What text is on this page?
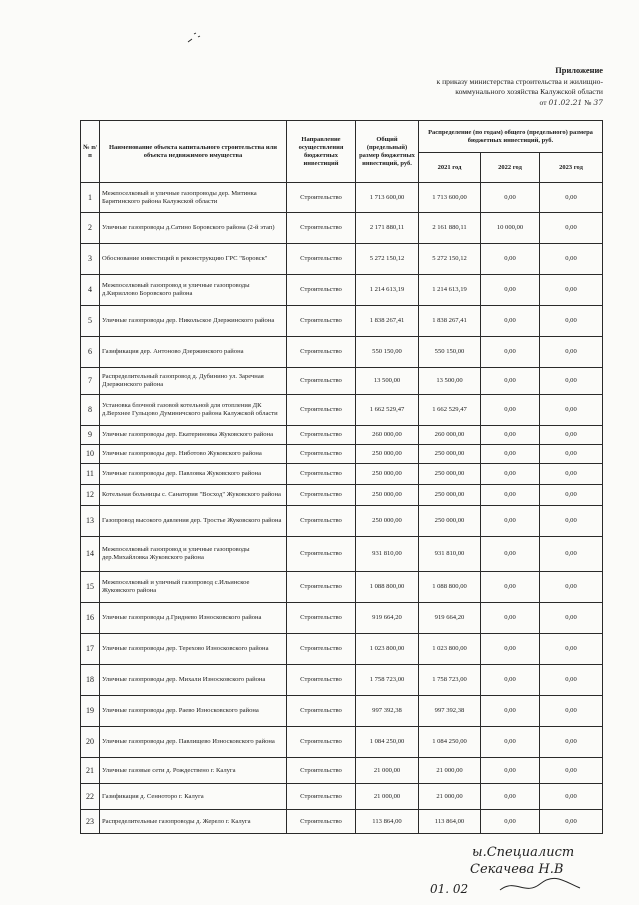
Приложение
к приказу министерства строительства и жилищно-
коммунального хозяйства Калужской области
от 01.02.21 № 37
№ п/п	Наименование объекта капитального строительства или объекта недвижимого имущества	Направление осуществления бюджетных инвестиций	Общий (предельный) размер бюджетных инвестиций, руб.	Распределение (по годам) общего (предельного) размера бюджетных инвестиций, руб.		
				2021 год	2022 год	2023 год
1	Межпоселковый и уличные газопроводы дер. Митинка Барятинского района Калужской области	Строительство	1 713 600,00	1 713 600,00	0,00	0,00
2	Уличные газопроводы д.Сатино Боровского района (2-й этап)	Строительство	2 171 880,11	2 161 880,11	10 000,00	0,00
3	Обоснование инвестиций в реконструкцию ГРС "Боровск"	Строительство	5 272 150,12	5 272 150,12	0,00	0,00
4	Межпоселковый газопровод и уличные газопроводы д.Кириллово Боровского района	Строительство	1 214 613,19	1 214 613,19	0,00	0,00
5	Уличные газопроводы дер. Никольское Дзержинского района	Строительство	1 838 267,41	1 838 267,41	0,00	0,00
6	Газификация дер. Антоново Дзержинского района	Строительство	550 150,00	550 150,00	0,00	0,00
7	Распределительный газопровод д. Дубинино ул. Заречная Дзержинского района	Строительство	13 500,00	13 500,00	0,00	0,00
8	Установка блочной газовой котельной для отопления ДК д.Верхнее Гульцово Думиничского района Калужской области	Строительство	1 662 529,47	1 662 529,47	0,00	0,00
9	Уличные газопроводы дер. Екатериновка Жуковского района	Строительство	260 000,00	260 000,00	0,00	0,00
10	Уличные газопроводы дер. Ниботово Жуковского района	Строительство	250 000,00	250 000,00	0,00	0,00
11	Уличные газопроводы дер. Павловка Жуковского района	Строительство	250 000,00	250 000,00	0,00	0,00
12	Котельная больницы с. Санатория "Восход" Жуковского района	Строительство	250 000,00	250 000,00	0,00	0,00
13	Газопровод высокого давления дер. Тростье Жуковского района	Строительство	250 000,00	250 000,00	0,00	0,00
14	Межпоселковый газопровод и уличные газопроводы дер.Михайловка Жуковского района	Строительство	931 810,00	931 810,00	0,00	0,00
15	Межпоселковый и уличный газопровод с.Ильинское Жуковского района	Строительство	1 088 800,00	1 088 800,00	0,00	0,00
16	Уличные газопроводы д.Гриднево Износковского района	Строительство	919 664,20	919 664,20	0,00	0,00
17	Уличные газопроводы дер. Терехово Износковского района	Строительство	1 023 800,00	1 023 800,00	0,00	0,00
18	Уличные газопроводы дер. Михали Износковского района	Строительство	1 758 723,00	1 758 723,00	0,00	0,00
19	Уличные газопроводы дер. Раево Износковского района	Строительство	997 392,38	997 392,38	0,00	0,00
20	Уличные газопроводы дер. Павлищево Износковского района	Строительство	1 084 250,00	1 084 250,00	0,00	0,00
21	Уличные газовые сети д. Рождествено г. Калуга	Строительство	21 000,00	21 000,00	0,00	0,00
22	Газификация д. Сенноторо г. Калуга	Строительство	21 000,00	21 000,00	0,00	0,00
23	Распределительные газопроводы д. Жерело г. Калуга	Строительство	113 864,00	113 864,00	0,00	0,00
ы.Специалист
Секачева Н.В
01. 02
